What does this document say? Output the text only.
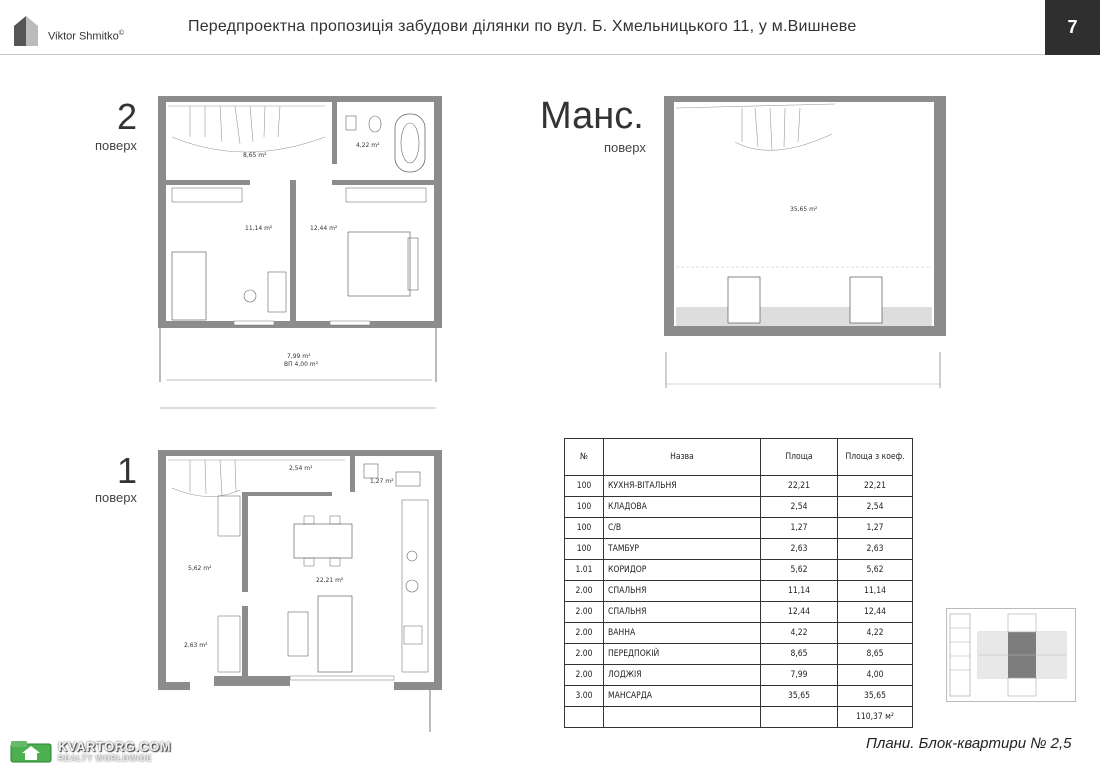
Viktor Shmitko©	Передпроектна пропозиція забудови ділянки по вул. Б. Хмельницького 11, у м.Вишневе	7
2
поверх
Манс.
поверх
1
поверх
8,65 m²
4,22 m²
11,14 m²	12,44 m²
7,99 m²
ВП 4,00 m²
35,65 m²
2,54 m²
1,27 m²
5,62 m²
22,21 m²
2,63 m²
№	Назва	Площа	Площа з коеф.
100	КУХНЯ-ВІТАЛЬНЯ	22,21	22,21
100	КЛАДОВА	2,54	2,54
100	С/В	1,27	1,27
100	ТАМБУР	2,63	2,63
1.01	КОРИДОР	5,62	5,62
2.00	СПАЛЬНЯ	11,14	11,14
2.00	СПАЛЬНЯ	12,44	12,44
2.00	ВАННА	4,22	4,22
2.00	ПЕРЕДПОКІЙ	8,65	8,65
2.00	ЛОДЖІЯ	7,99	4,00
3.00	МАНСАРДА	35,65	35,65
			110,37 м²
Плани. Блок-квартири № 2,5
KVARTORG.COM
REALTY WORLDWIDE
